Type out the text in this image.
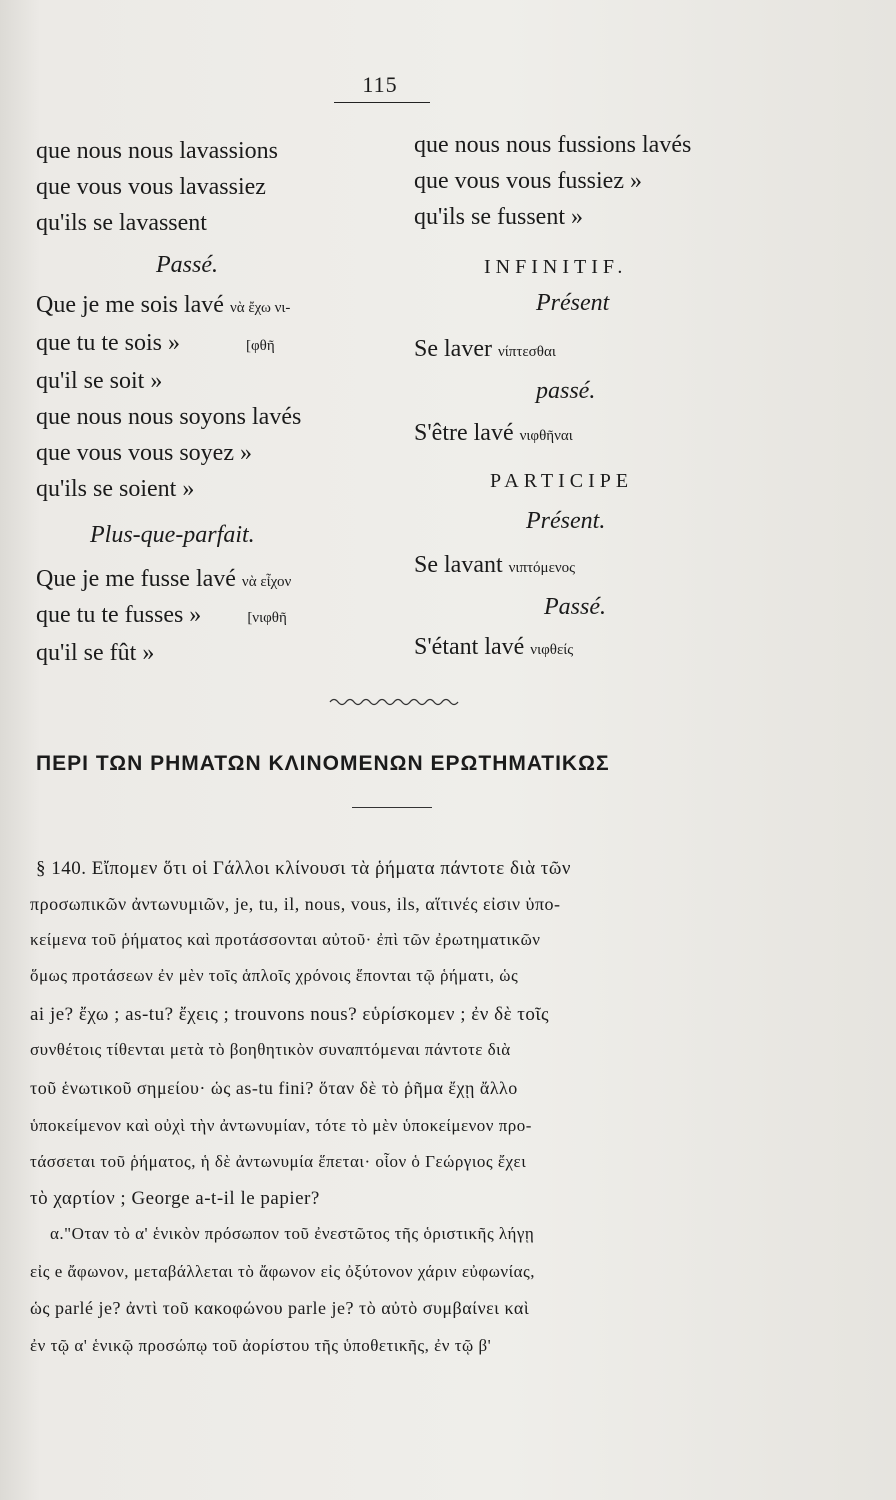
115
que nous nous lavassions
que vous vous lavassiez
qu'ils se lavassent
Passé.
Que je me sois lavé νὰ ἔχω νι-
que tu te sois »	[φθῆ
qu'il se soit »
que nous nous soyons lavés
que vous vous soyez »
qu'ils se soient »
Plus-que-parfait.
Que je me fusse lavé νὰ εἶχον
que tu te fusses »	[νιφθῆ
qu'il se fût »
que nous nous fussions lavés
que vous vous fussiez »
qu'ils se fussent »
INFINITIF.
Présent
Se laver νίπτεσθαι
passé.
S'être lavé νιφθῆναι
PARTICIPE
Présent.
Se lavant νιπτόμενος
Passé.
S'étant lavé νιφθείς
ΠΕΡΙ ΤΩΝ ΡΗΜΑΤΩΝ ΚΛΙΝΟΜΕΝΩΝ ΕΡΩΤΗΜΑΤΙΚΩΣ
§ 140. Εἴπομεν ὅτι οἱ Γάλλοι κλίνουσι τὰ ῥήματα πάντοτε διὰ τῶν
προσωπικῶν ἀντωνυμιῶν, je, tu, il, nous, vous, ils, αἵτινές εἰσιν ὑπο-
κείμενα τοῦ ῥήματος καὶ προτάσσονται αὐτοῦ· ἐπὶ τῶν ἐρωτηματικῶν
ὅμως προτάσεων ἐν μὲν τοῖς ἁπλοῖς χρόνοις ἕπονται τῷ ῥήματι, ὡς
ai je? ἔχω ; as-tu? ἔχεις ; trouvons nous? εὑρίσκομεν ; ἐν δὲ τοῖς
συνθέτοις τίθενται μετὰ τὸ βοηθητικὸν συναπτόμεναι πάντοτε διὰ
τοῦ ἑνωτικοῦ σημείου· ὡς as-tu fini? ὅταν δὲ τὸ ῥῆμα ἔχῃ ἄλλο
ὑποκείμενον καὶ οὐχὶ τὴν ἀντωνυμίαν, τότε τὸ μὲν ὑποκείμενον προ-
τάσσεται τοῦ ῥήματος, ἡ δὲ ἀντωνυμία ἕπεται· οἷον ὁ Γεώργιος ἔχει
τὸ χαρτίον ; George a-t-il le papier?
α."Οταν τὸ α' ἑνικὸν πρόσωπον τοῦ ἐνεστῶτος τῆς ὁριστικῆς λήγῃ
εἰς e ἄφωνον, μεταβάλλεται τὸ ἄφωνον εἰς ὀξύτονον χάριν εὐφωνίας,
ὡς parlé je? ἀντὶ τοῦ κακοφώνου parle je? τὸ αὐτὸ συμβαίνει καὶ
ἐν τῷ α' ἑνικῷ προσώπῳ τοῦ ἀορίστου τῆς ὑποθετικῆς, ἐν τῷ β'
